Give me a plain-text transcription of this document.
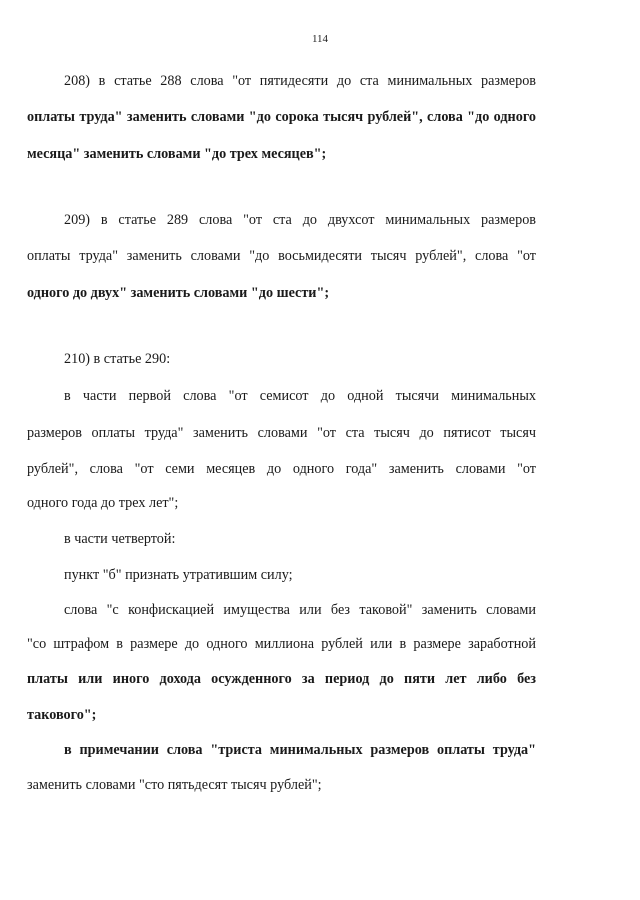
114
208) в статье 288 слова "от пятидесяти до ста минимальных размеров
оплаты труда" заменить словами "до сорока тысяч рублей", слова "до одного
месяца" заменить словами "до трех месяцев";
209) в статье 289 слова "от ста до двухсот минимальных размеров
оплаты труда" заменить словами "до восьмидесяти тысяч рублей", слова "от
одного до двух" заменить словами "до шести";
210) в статье 290:
в части первой слова "от семисот до одной тысячи минимальных
размеров оплаты труда" заменить словами "от ста тысяч до пятисот тысяч
рублей", слова "от семи месяцев до одного года" заменить словами "от
одного года до трех лет";
в части четвертой:
пункт "б" признать утратившим силу;
слова "с конфискацией имущества или без таковой" заменить словами
"со штрафом в размере до одного миллиона рублей или в размере заработной
платы или иного дохода осужденного за период до пяти лет либо без
такового";
в примечании слова "триста минимальных размеров оплаты труда"
заменить словами "сто пятьдесят тысяч рублей";
